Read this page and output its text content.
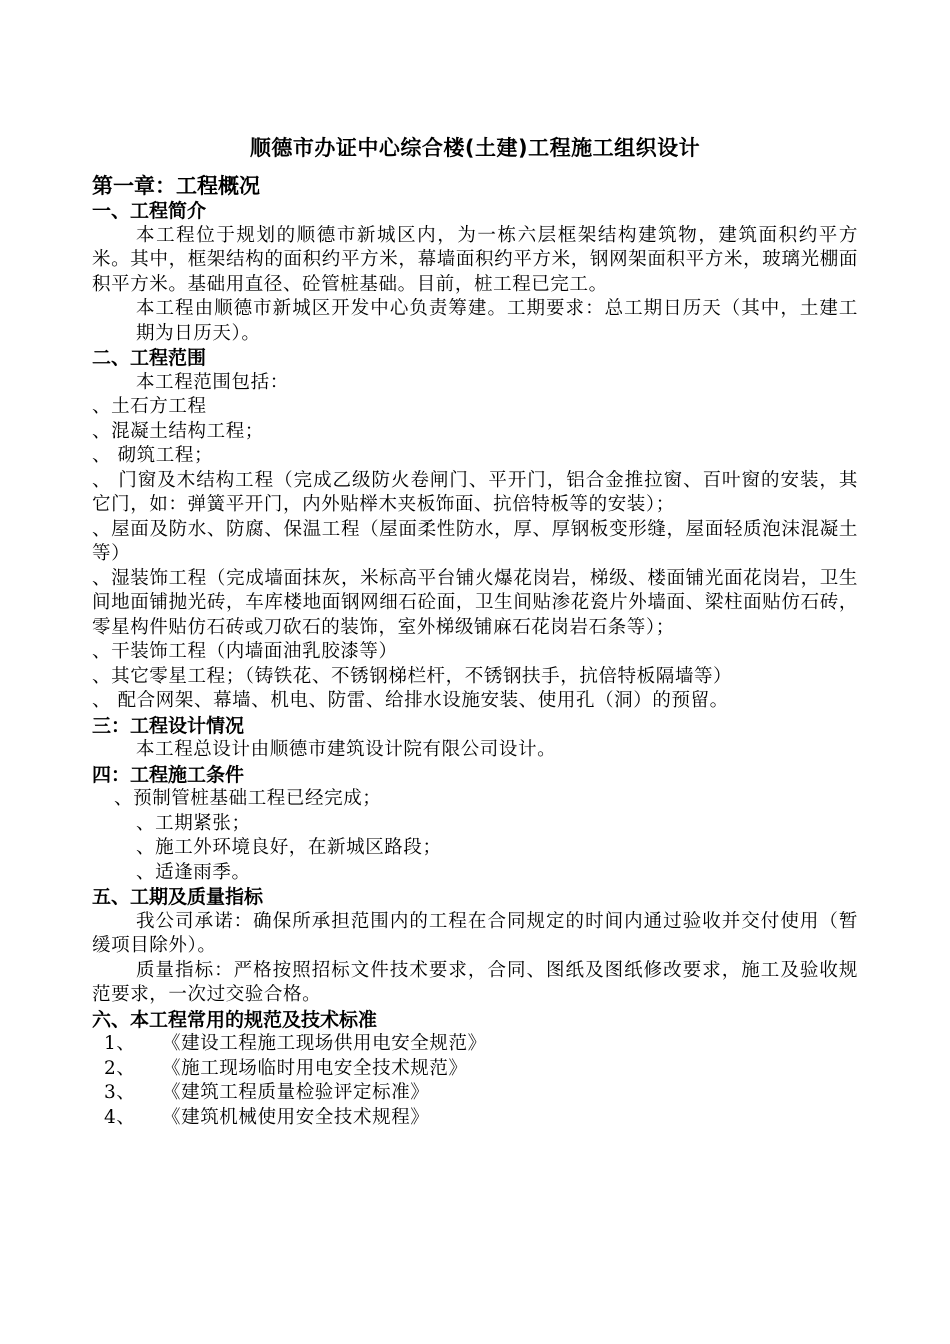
顺德市办证中心综合楼(土建)工程施工组织设计
第一章：工程概况
一、工程简介

本工程位于规划的顺德市新城区内，为一栋六层框架结构建筑物，建筑面积约平方米。其中，框架结构的面积约平方米，幕墙面积约平方米，钢网架面积平方米，玻璃光棚面积平方米。基础用直径、砼管桩基础。目前，桩工程已完工。

本工程由顺德市新城区开发中心负责筹建。工期要求：总工期日历天（其中，土建工期为日历天）。

二、工程范围

本工程范围包括：

、土石方工程

、混凝土结构工程；

、 砌筑工程；

、 门窗及木结构工程（完成乙级防火卷闸门、平开门，铝合金推拉窗、百叶窗的安装，其它门，如：弹簧平开门，内外贴榉木夹板饰面、抗倍特板等的安装）；

、屋面及防水、防腐、保温工程（屋面柔性防水，厚、厚钢板变形缝，屋面轻质泡沫混凝土等）

、湿装饰工程（完成墙面抹灰，米标高平台铺火爆花岗岩，梯级、楼面铺光面花岗岩，卫生间地面铺抛光砖，车库楼地面钢网细石砼面，卫生间贴渗花瓷片外墙面、梁柱面贴仿石砖，零星构件贴仿石砖或刀砍石的装饰，室外梯级铺麻石花岗岩石条等）；

、干装饰工程（内墙面油乳胶漆等）

、其它零星工程；（铸铁花、不锈钢梯栏杆，不锈钢扶手，抗倍特板隔墙等）

、 配合网架、幕墙、机电、防雷、给排水设施安装、使用孔（洞）的预留。

三：工程设计情况

本工程总设计由顺德市建筑设计院有限公司设计。

四：工程施工条件

、预制管桩基础工程已经完成；

、工期紧张；

、施工外环境良好，在新城区路段；

、适逢雨季。

五、工期及质量指标

我公司承诺：确保所承担范围内的工程在合同规定的时间内通过验收并交付使用（暂缓项目除外）。

质量指标：严格按照招标文件技术要求，合同、图纸及图纸修改要求，施工及验收规范要求，一次过交验合格。

六、本工程常用的规范及技术标准
1、	《建设工程施工现场供用电安全规范》
2、	《施工现场临时用电安全技术规范》
3、	《建筑工程质量检验评定标准》
4、	《建筑机械使用安全技术规程》
